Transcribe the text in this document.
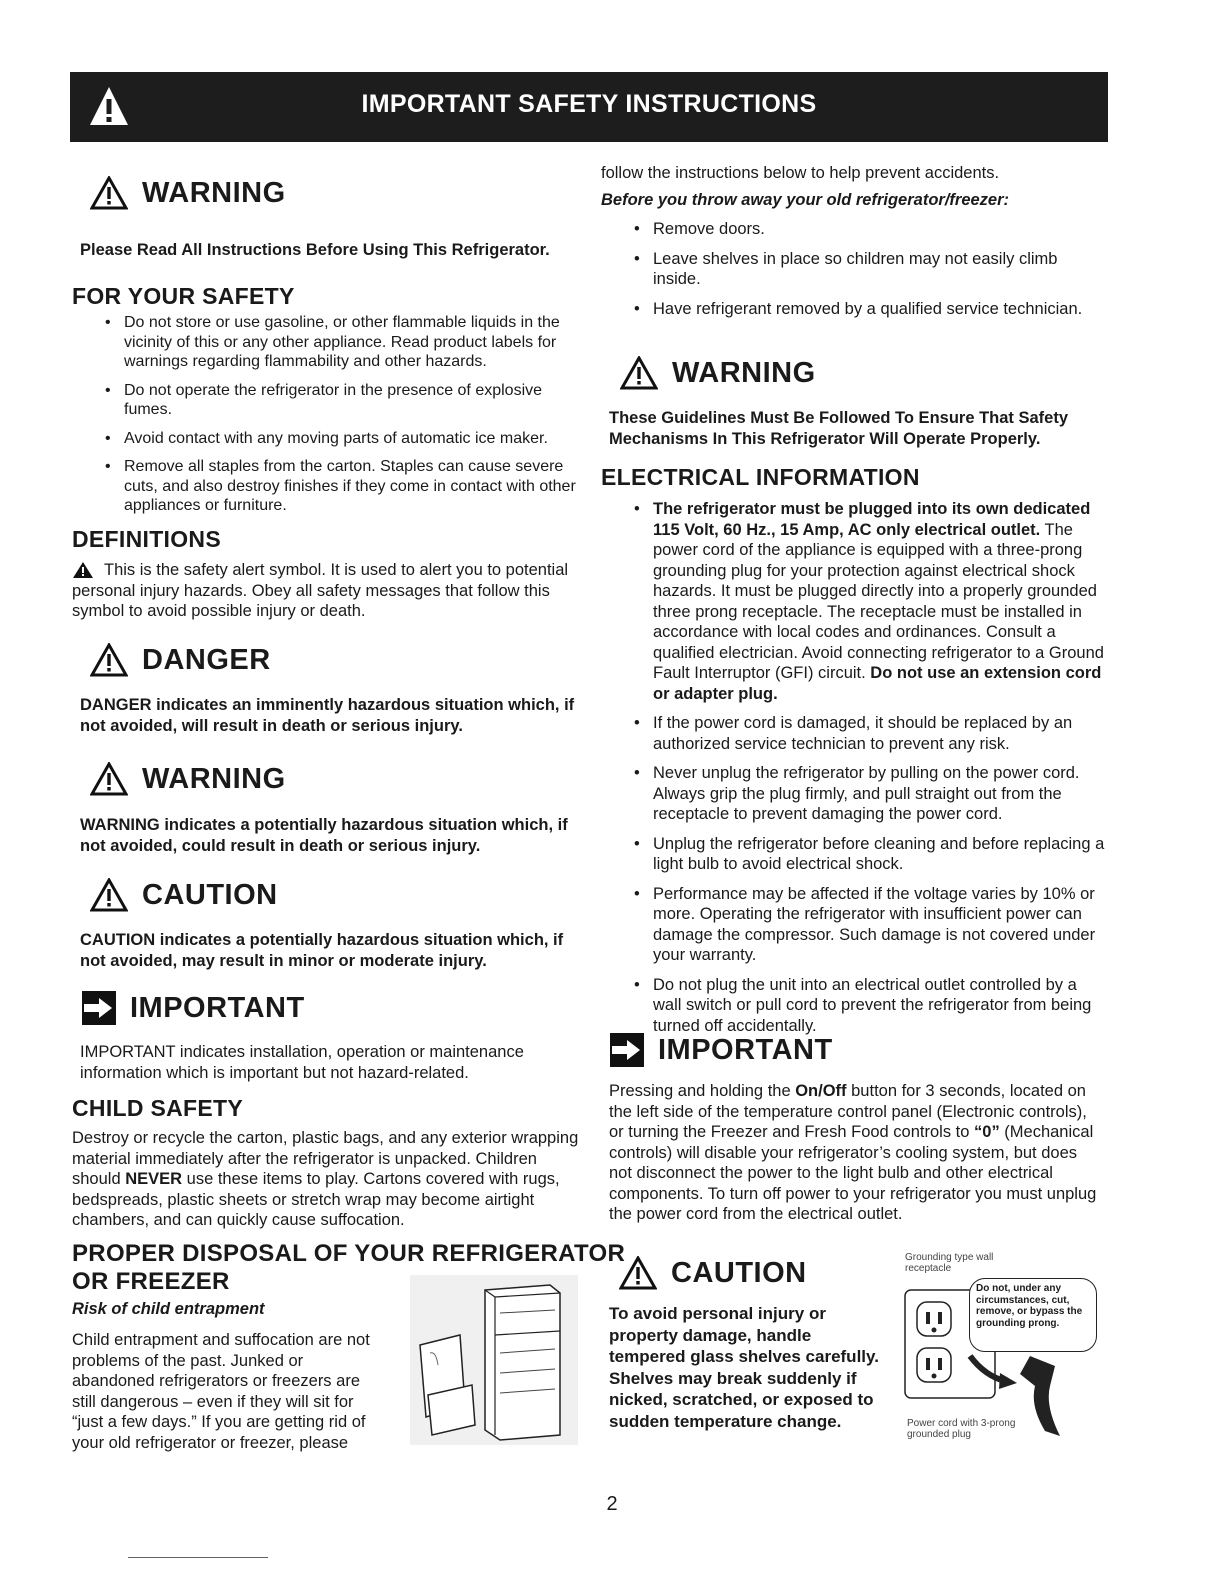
IMPORTANT SAFETY INSTRUCTIONS
WARNING
Please Read All Instructions Before Using This Refrigerator.
FOR YOUR SAFETY
• Do not store or use gasoline, or other flammable liquids in the vicinity of this or any other appliance. Read product labels for warnings regarding flammability and other hazards.
• Do not operate the refrigerator in the presence of explosive fumes.
• Avoid contact with any moving parts of automatic ice maker.
• Remove all staples from the carton. Staples can cause severe cuts, and also destroy finishes if they come in contact with other appliances or furniture.
DEFINITIONS
This is the safety alert symbol. It is used to alert you to potential personal injury hazards. Obey all safety messages that follow this symbol to avoid possible injury or death.
DANGER
DANGER indicates an imminently hazardous situation which, if not avoided, will result in death or serious injury.
WARNING
WARNING indicates a potentially hazardous situation which, if not avoided, could result in death or serious injury.
CAUTION
CAUTION indicates a potentially hazardous situation which, if not avoided, may result in minor or moderate injury.
IMPORTANT
IMPORTANT indicates installation, operation or maintenance information which is important but not hazard-related.
CHILD SAFETY
Destroy or recycle the carton, plastic bags, and any exterior wrapping material immediately after the refrigerator is unpacked. Children should NEVER use these items to play. Cartons covered with rugs, bedspreads, plastic sheets or stretch wrap may become airtight chambers, and can quickly cause suffocation.
PROPER DISPOSAL OF YOUR REFRIGERATOR
OR FREEZER
Risk of child entrapment
Child entrapment and suffocation are not problems of the past. Junked or abandoned refrigerators or freezers are still dangerous – even if they will sit for “just a few days.” If you are getting rid of your old refrigerator or freezer, please
follow the instructions below to help prevent accidents.
Before you throw away your old refrigerator/freezer:
• Remove doors.
• Leave shelves in place so children may not easily climb inside.
• Have refrigerant removed by a qualified service technician.
WARNING
These Guidelines Must Be Followed To Ensure That Safety Mechanisms In This Refrigerator Will Operate Properly.
ELECTRICAL INFORMATION
• The refrigerator must be plugged into its own dedicated 115 Volt, 60 Hz., 15 Amp, AC only electrical outlet. The power cord of the appliance is equipped with a three-prong grounding plug for your protection against electrical shock hazards. It must be plugged directly into a properly grounded three prong receptacle. The receptacle must be installed in accordance with local codes and ordinances. Consult a qualified electrician. Avoid connecting refrigerator to a Ground Fault Interruptor (GFI) circuit. Do not use an extension cord or adapter plug.
• If the power cord is damaged, it should be replaced by an authorized service technician to prevent any risk.
• Never unplug the refrigerator by pulling on the power cord. Always grip the plug firmly, and pull straight out from the receptacle to prevent damaging the power cord.
• Unplug the refrigerator before cleaning and before replacing a light bulb to avoid electrical shock.
• Performance may be affected if the voltage varies by 10% or more. Operating the refrigerator with insufficient power can damage the compressor. Such damage is not covered under your warranty.
• Do not plug the unit into an electrical outlet controlled by a wall switch or pull cord to prevent the refrigerator from being turned off accidentally.
IMPORTANT
Pressing and holding the On/Off button for 3 seconds, located on the left side of the temperature control panel (Electronic controls), or turning the Freezer and Fresh Food controls to “0” (Mechanical controls) will disable your refrigerator’s cooling system, but does not disconnect the power to the light bulb and other electrical components. To turn off power to your refrigerator you must unplug the power cord from the electrical outlet.
CAUTION
To avoid personal injury or property damage, handle tempered glass shelves carefully. Shelves may break suddenly if nicked, scratched, or exposed to sudden temperature change.
Grounding type wall receptacle
Do not, under any circumstances, cut, remove, or bypass the grounding prong.
Power cord with 3-prong grounded plug
2
